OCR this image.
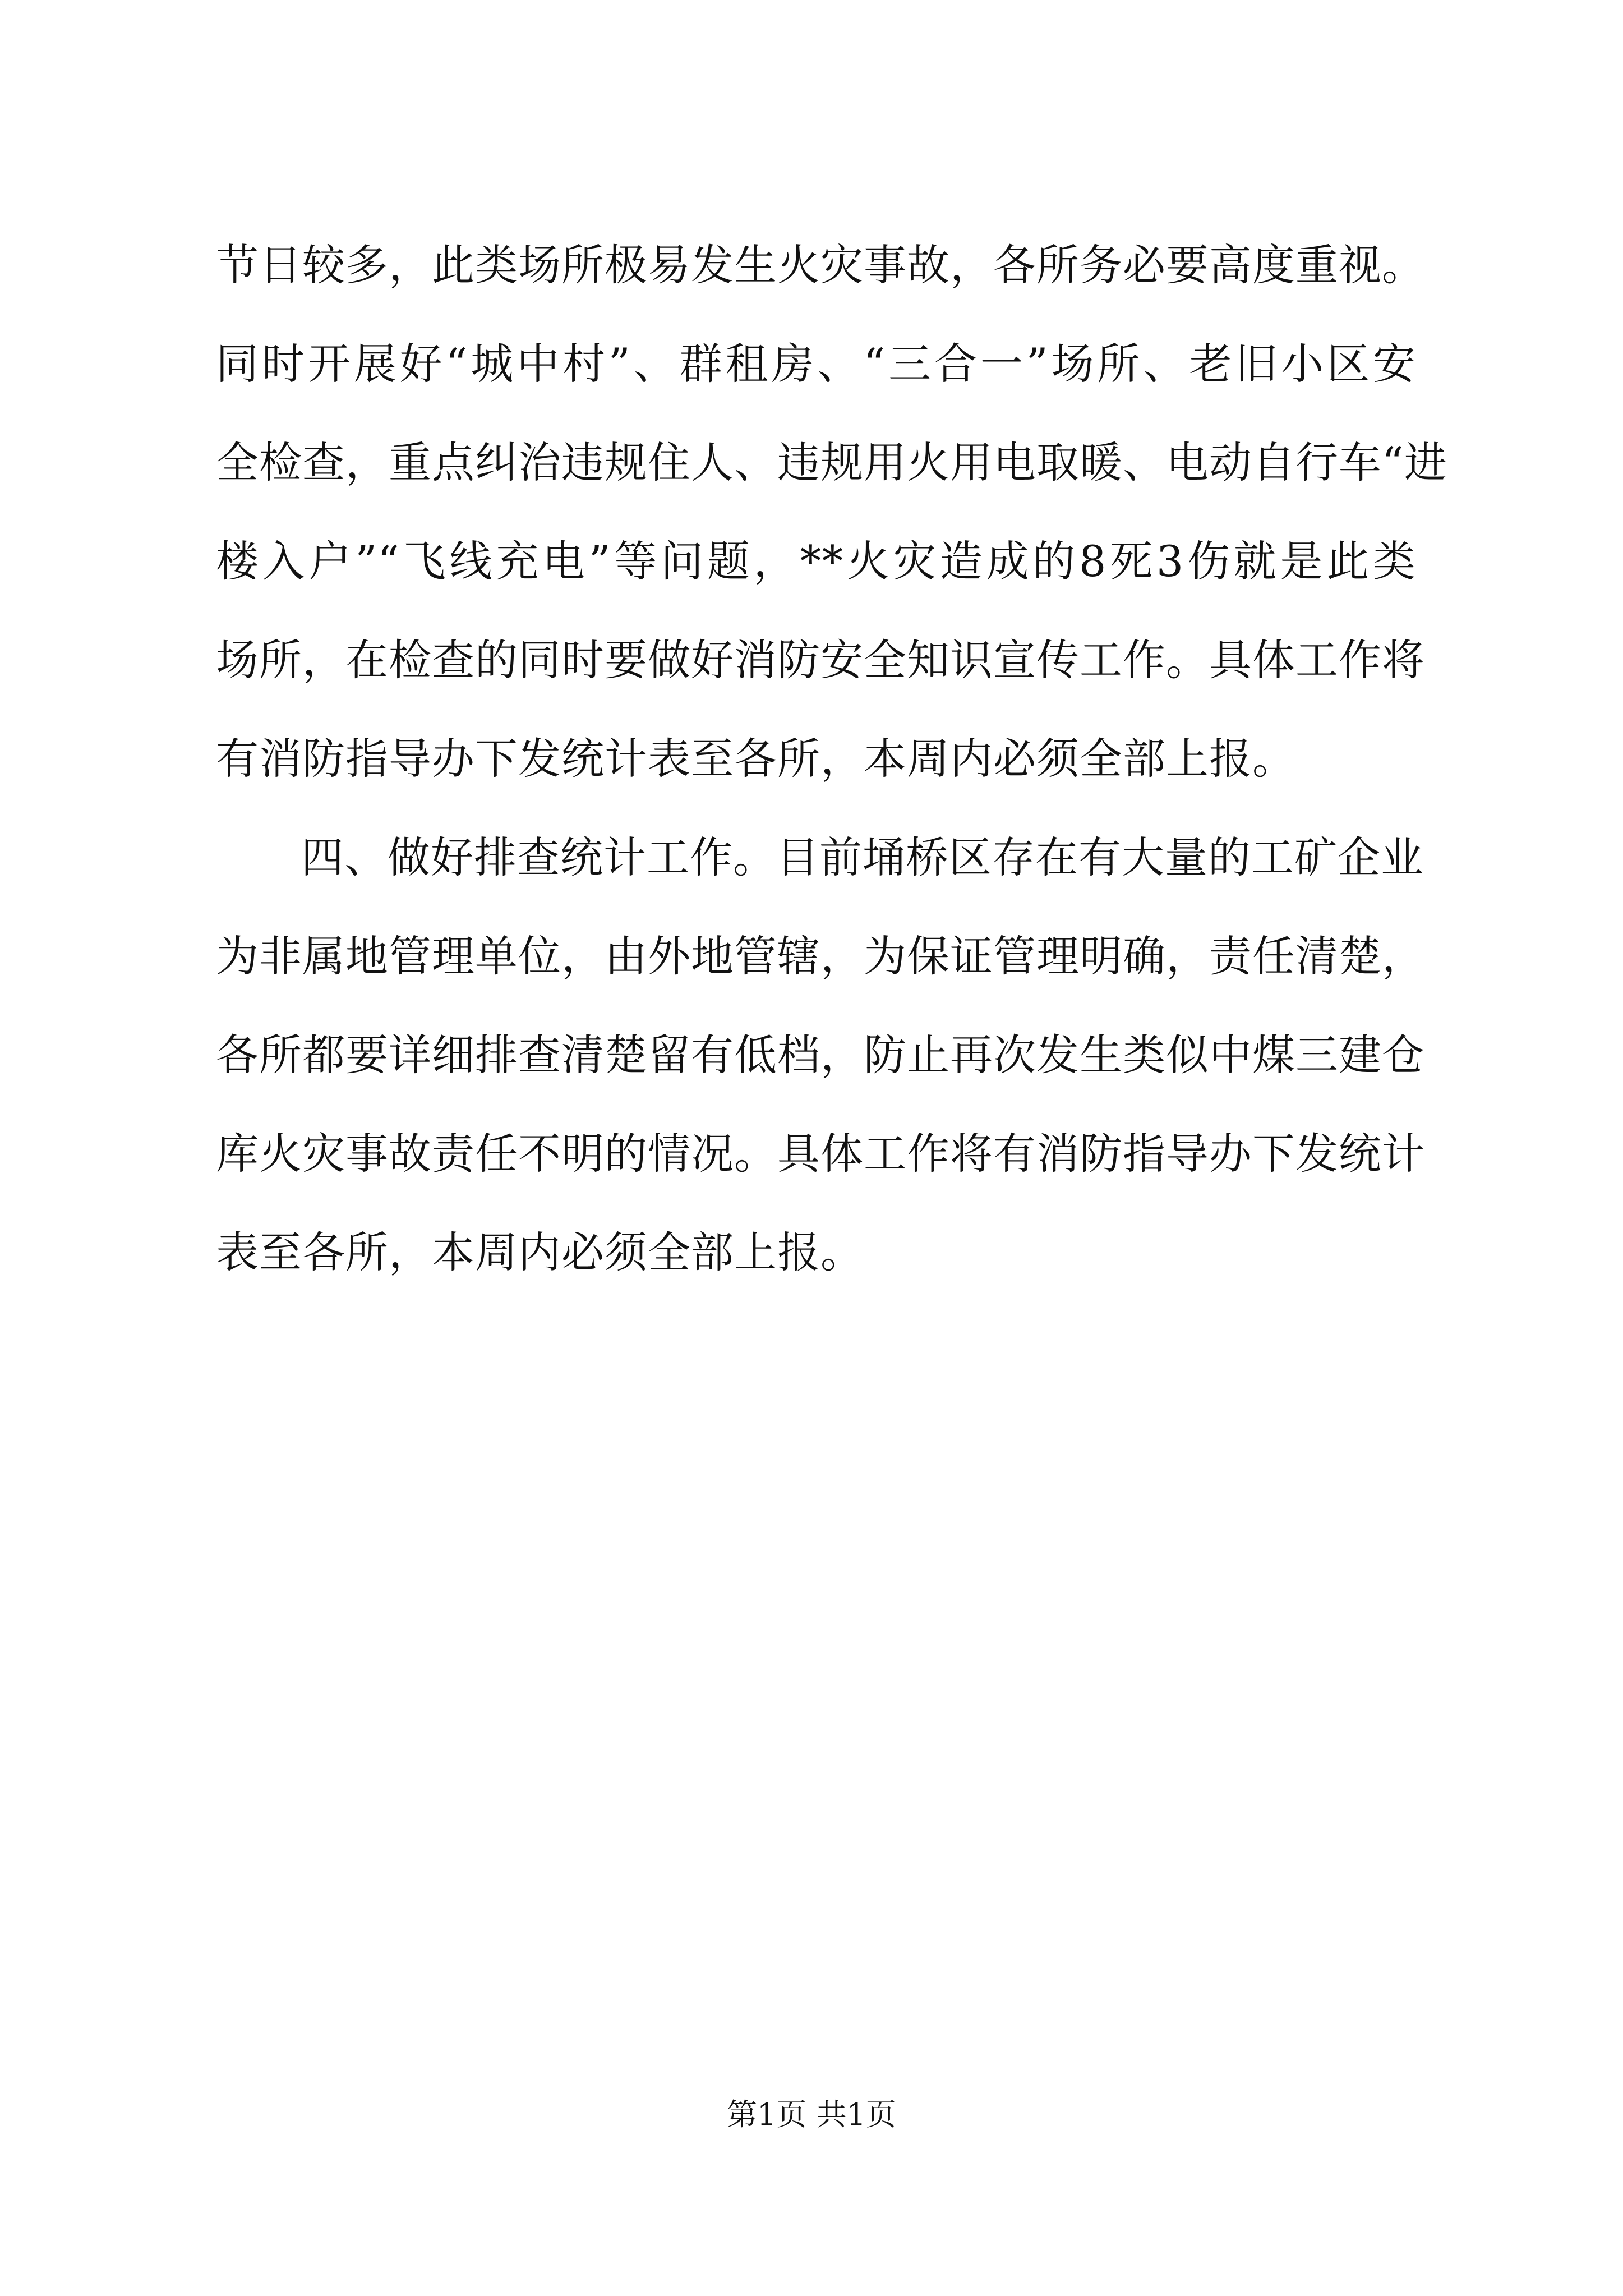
节日较多，此类场所极易发生火灾事故，各所务必要高度重视。
同时开展好“城中村”、群租房、“三合一”场所、老旧小区安
全检查，重点纠治违规住人、违规用火用电取暖、电动自行车“进
楼入户”“飞线充电”等问题，**火灾造成的8死3伤就是此类
场所，在检查的同时要做好消防安全知识宣传工作。具体工作将
有消防指导办下发统计表至各所，本周内必须全部上报。
四、做好排查统计工作。目前埇桥区存在有大量的工矿企业
为非属地管理单位，由外地管辖，为保证管理明确，责任清楚，
各所都要详细排查清楚留有低档，防止再次发生类似中煤三建仓
库火灾事故责任不明的情况。具体工作将有消防指导办下发统计
表至各所，本周内必须全部上报。
第1页 共1页
